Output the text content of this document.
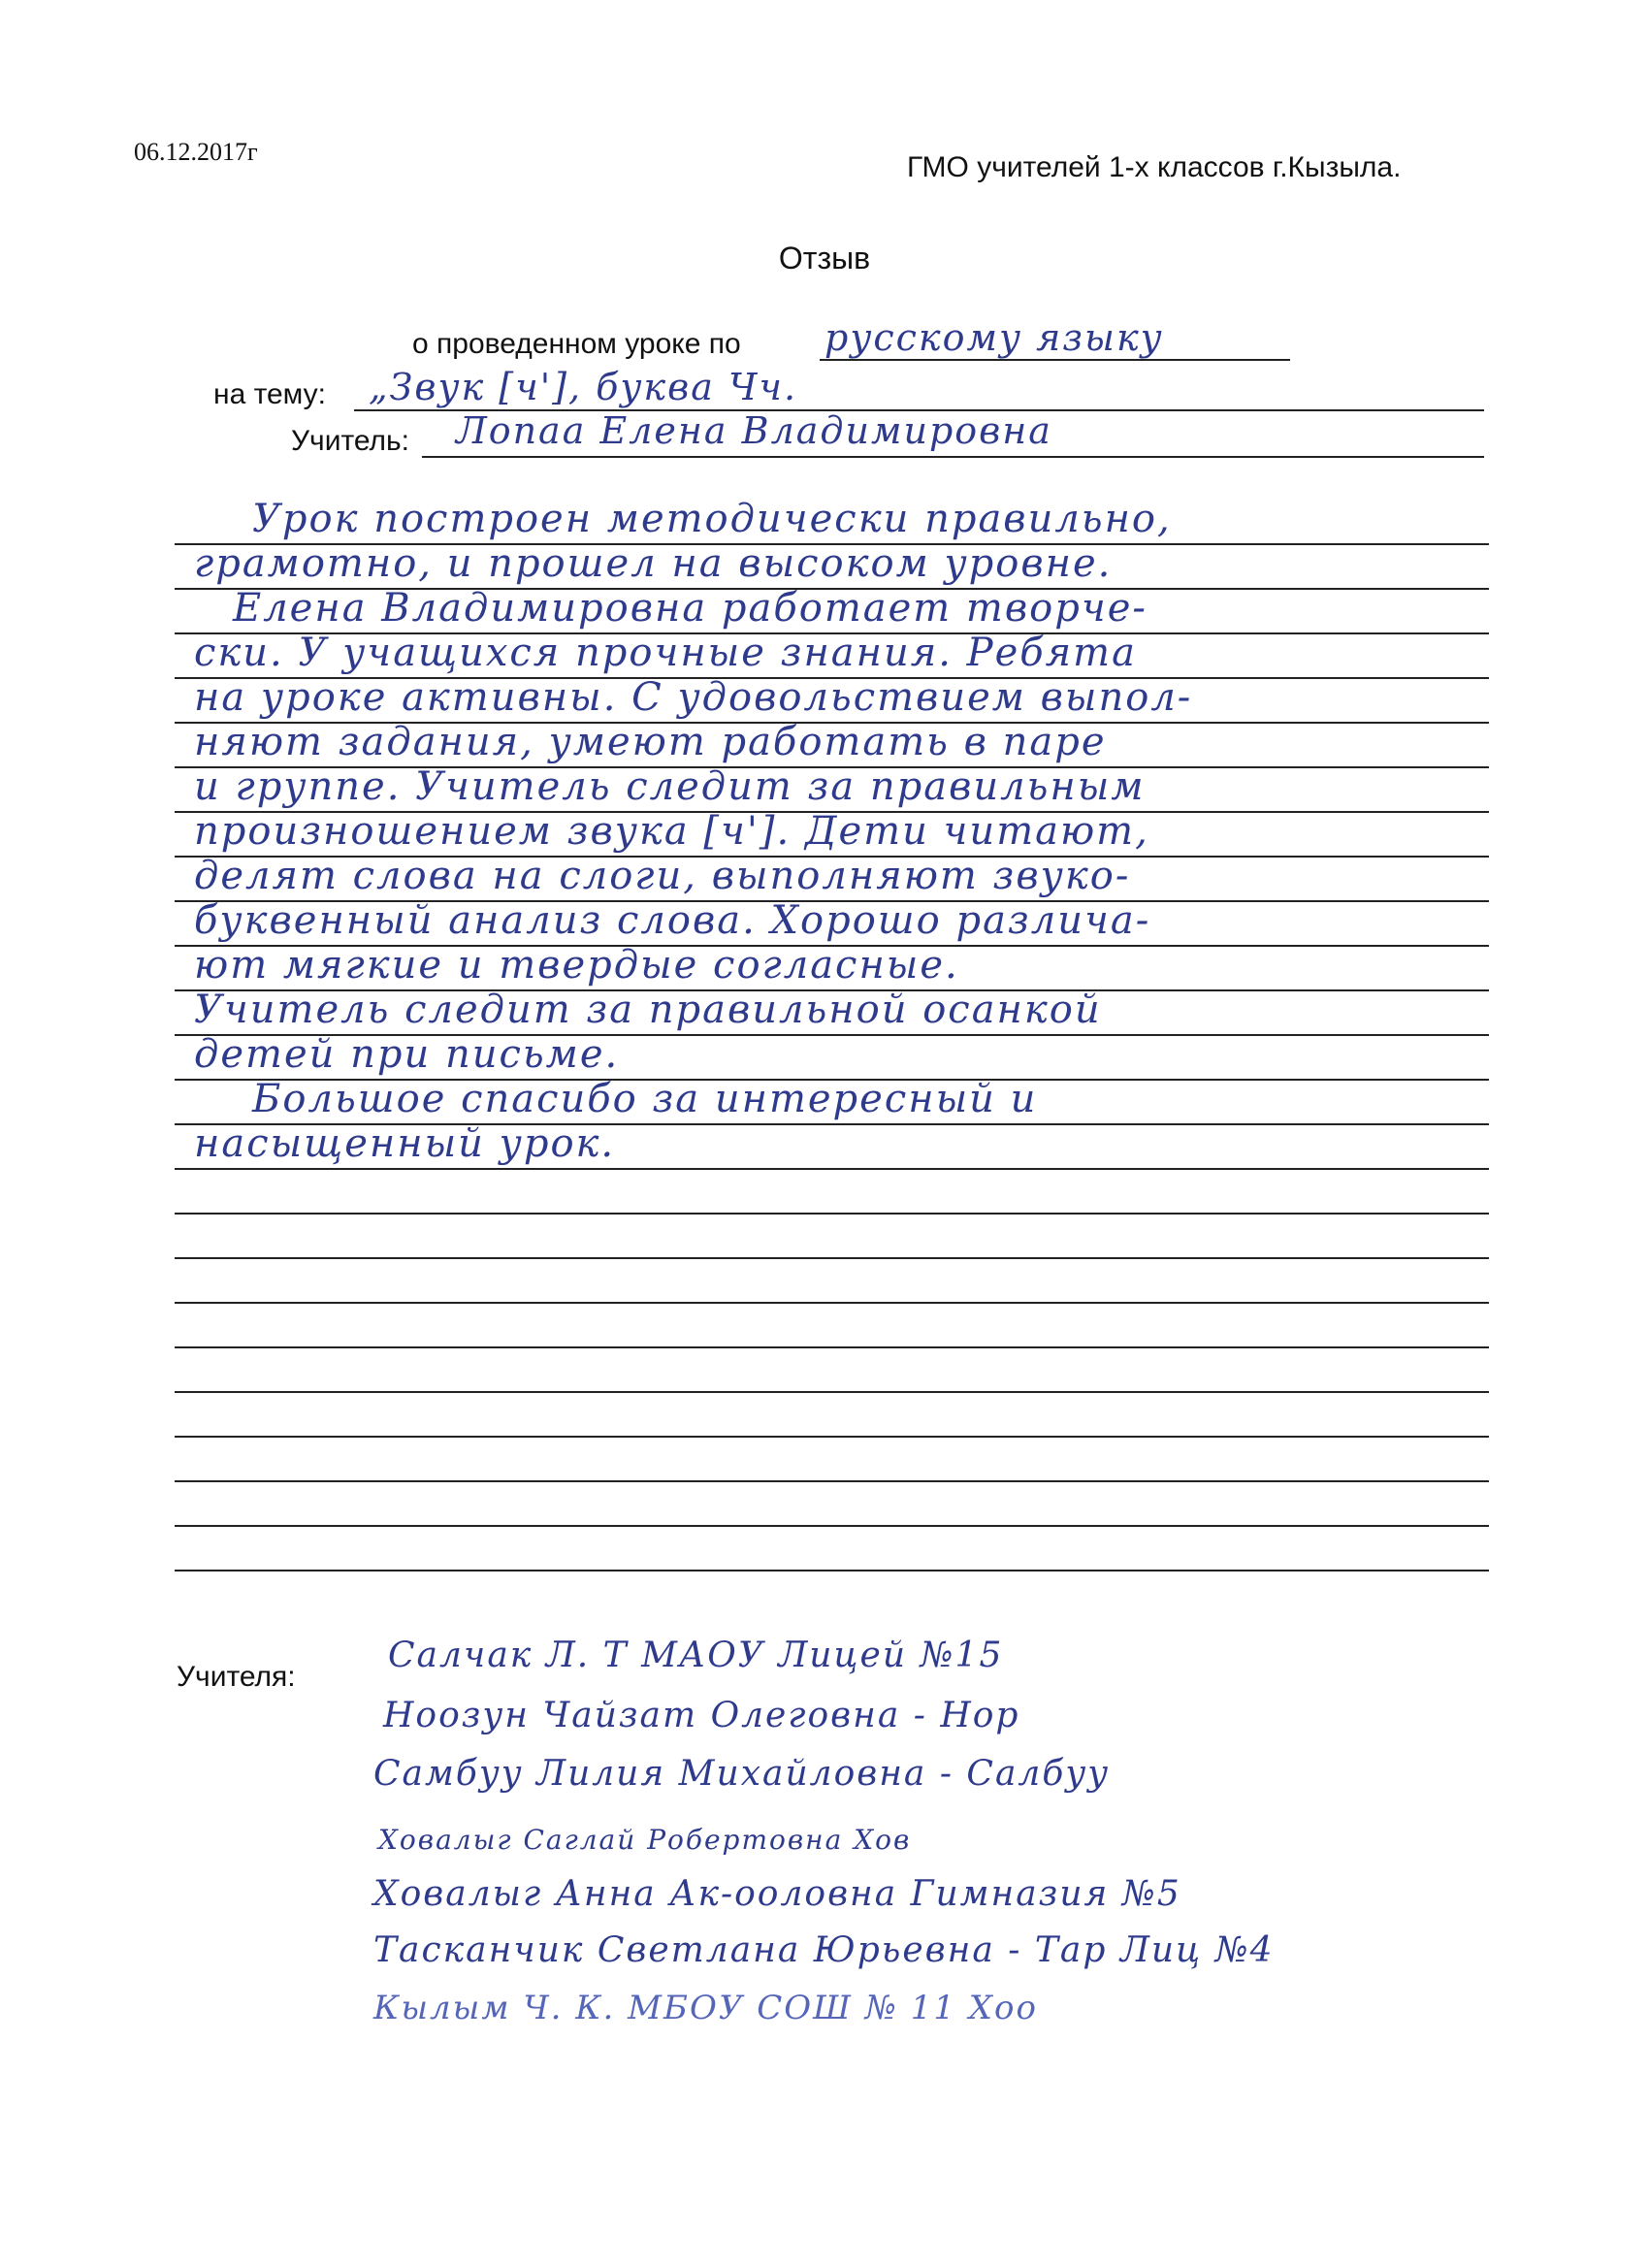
06.12.2017г	ГМО учителей 1-х классов г.Кызыла.
Отзыв
о проведенном уроке по русскому языку
на тему: „Звук [ч'], буква Чч.
Учитель: Лопаа Елена Владимировна
Урок построен методически правильно,
грамотно, и прошел на высоком уровне.
Елена Владимировна работает творче-
ски. У учащихся прочные знания. Ребята
на уроке активны. С удовольствием выпол-
няют задания, умеют работать в паре
и группе. Учитель следит за правильным
произношением звука [ч']. Дети читают,
делят слова на слоги, выполняют звуко-
буквенный анализ слова. Хорошо различа-
ют мягкие и твердые согласные.
Учитель следит за правильной осанкой
детей при письме.
Большое спасибо за интересный и
насыщенный урок.
Учителя:
Салчак Л. Т МАОУ Лицей №15
Ноозун Чайзат Олеговна - Нор
Самбуу Лилия Михайловна - Салбуу
Ховалыг Саглай Робертовна Хов
Ховалыг Анна Ак-ооловна Гимназия №5
Тасканчик Светлана Юрьевна - Тар Лиц №4
Кылым Ч. К. МБОУ СОШ № 11 Хоо
